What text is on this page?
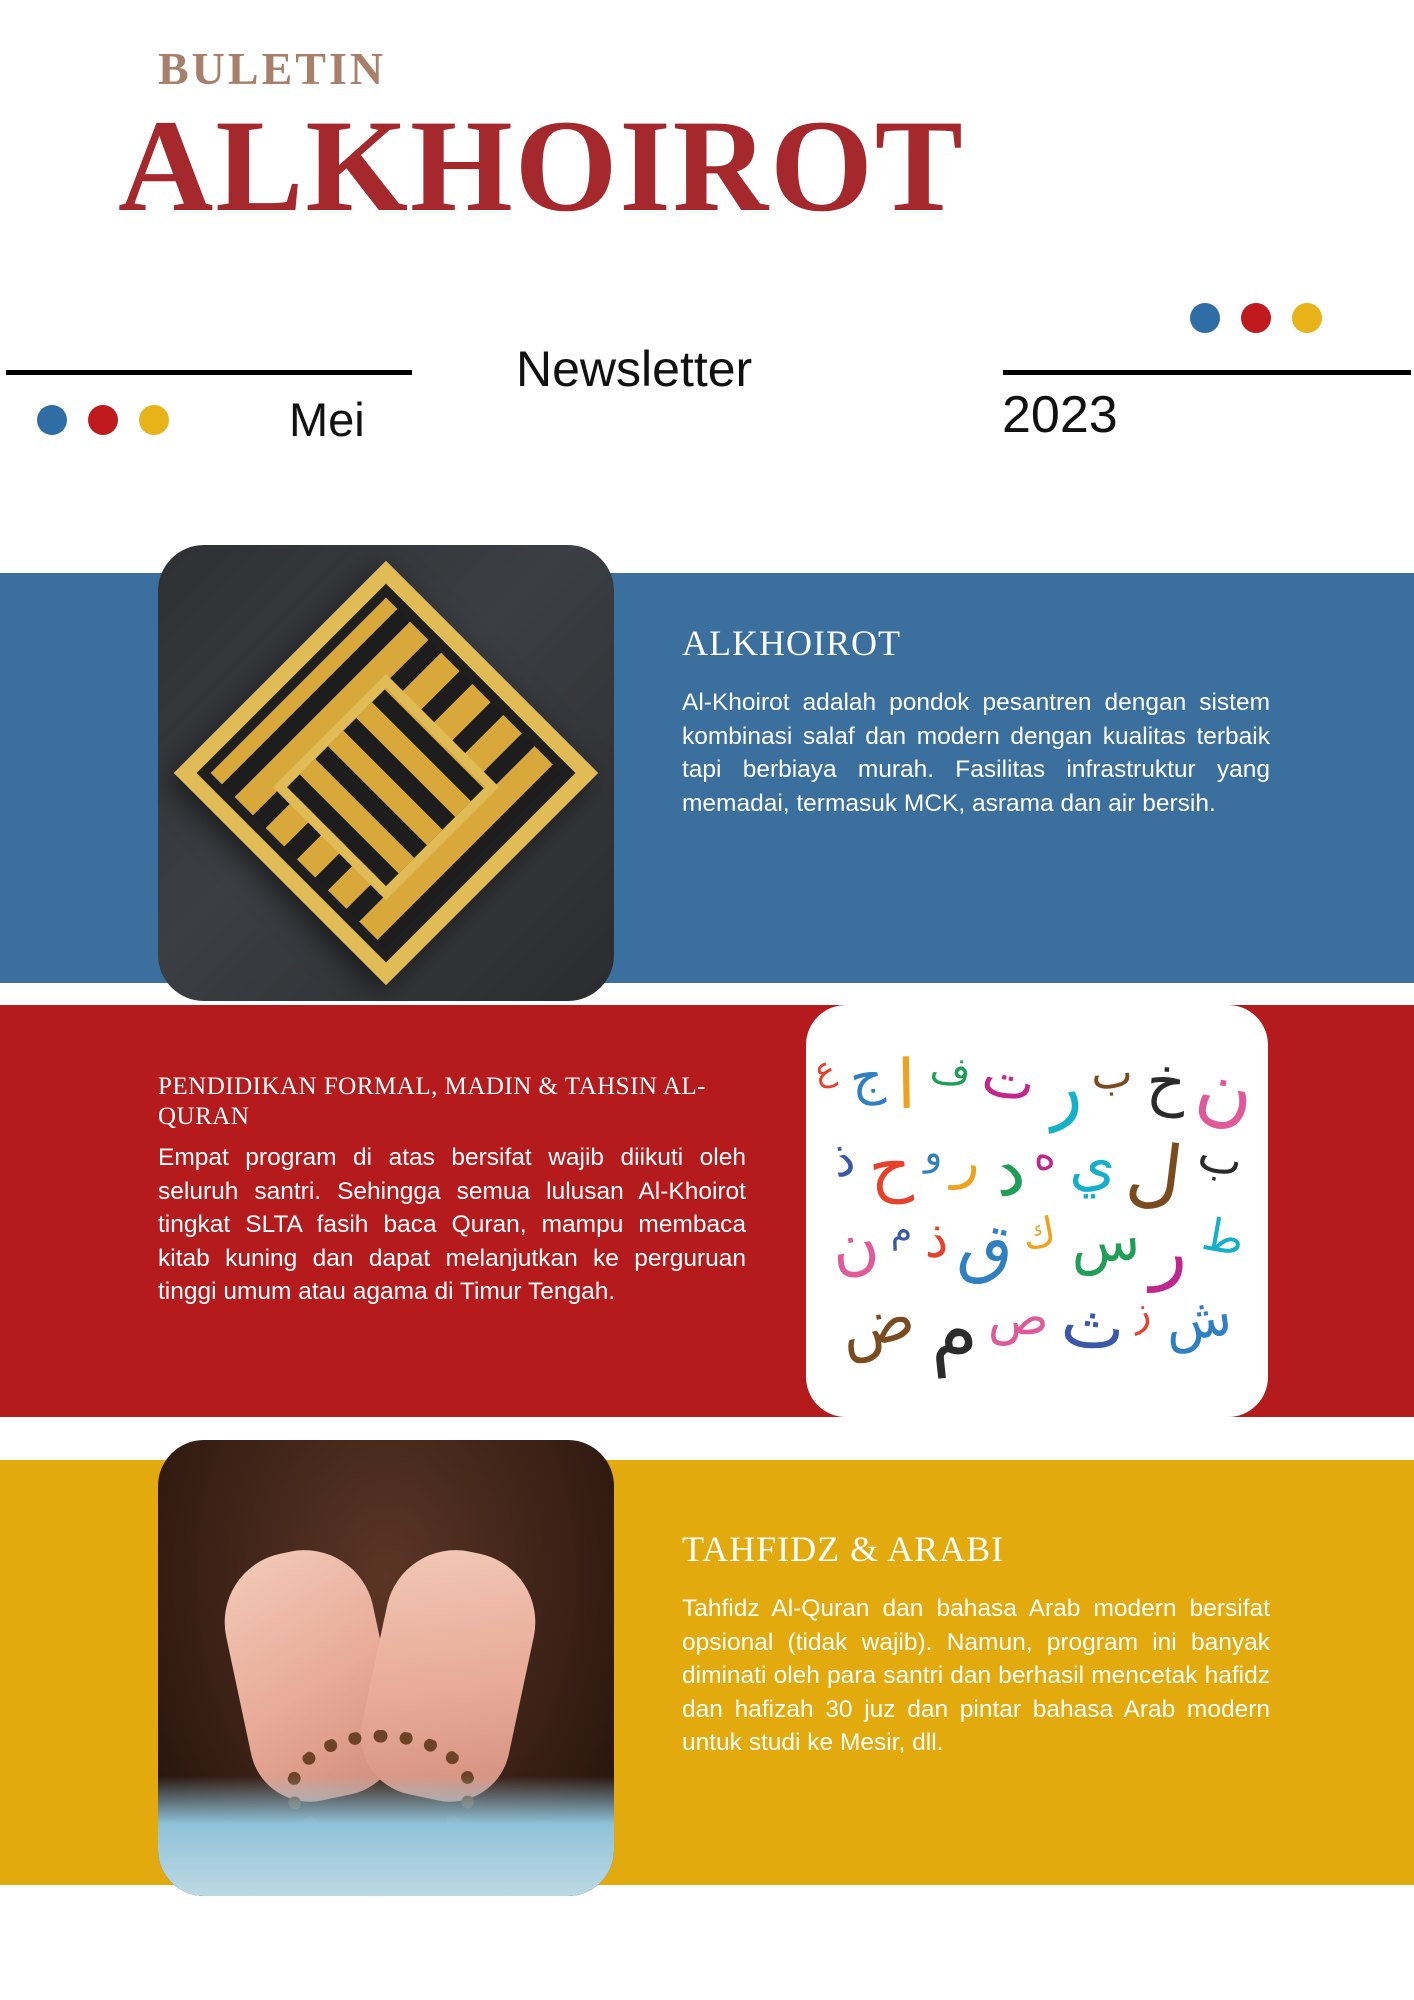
BULETIN
ALKHOIROT
Mei
Newsletter
2023
ALKHOIROT
Al-Khoirot adalah pondok pesantren dengan sistem kombinasi salaf dan modern dengan kualitas terbaik tapi berbiaya murah. Fasilitas infrastruktur yang memadai, termasuk MCK, asrama dan air bersih.
ع ج ا ف ت
ر ب خ ن
ذ ح و ر
د
ه ي ل ب
ن م ذ ق
ك س ر ط
ض م ص ث
ز ش
PENDIDIKAN FORMAL, MADIN & TAHSIN AL-QURAN
Empat program di atas bersifat wajib diikuti oleh seluruh santri. Sehingga semua lulusan Al-Khoirot tingkat SLTA fasih baca Quran, mampu membaca kitab kuning dan dapat melanjutkan ke perguruan tinggi umum atau agama di Timur Tengah.
TAHFIDZ & ARABI
Tahfidz Al-Quran dan bahasa Arab modern bersifat opsional (tidak wajib). Namun, program ini banyak diminati oleh para santri dan berhasil mencetak hafidz dan hafizah 30 juz dan pintar bahasa Arab modern untuk studi ke Mesir, dll.
